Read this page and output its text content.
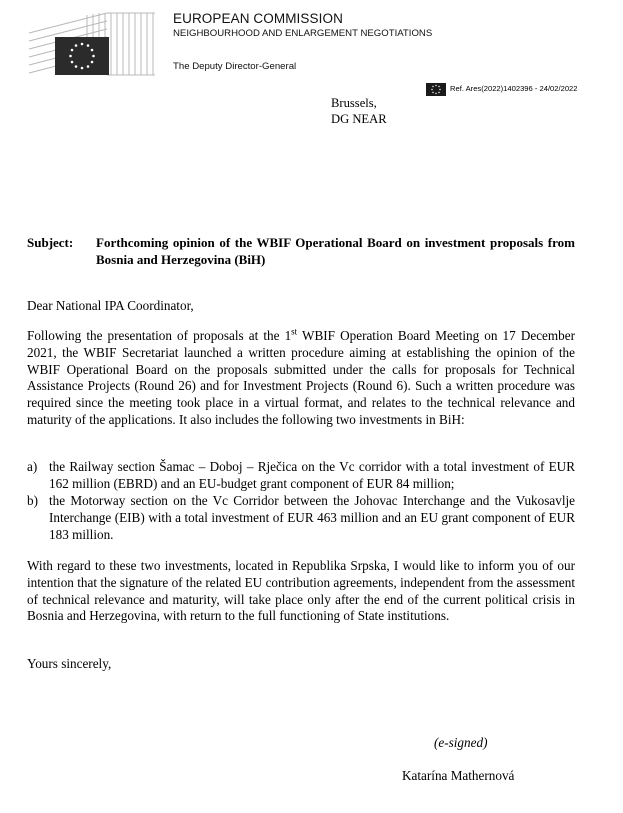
EUROPEAN COMMISSION
NEIGHBOURHOOD AND ENLARGEMENT NEGOTIATIONS
The Deputy Director-General
Ref. Ares(2022)1402396 - 24/02/2022
Brussels,
DG NEAR
Subject: Forthcoming opinion of the WBIF Operational Board on investment proposals from Bosnia and Herzegovina (BiH)
Dear National IPA Coordinator,
Following the presentation of proposals at the 1st WBIF Operation Board Meeting on 17 December 2021, the WBIF Secretariat launched a written procedure aiming at establishing the opinion of the WBIF Operational Board on the proposals submitted under the calls for proposals for Technical Assistance Projects (Round 26) and for Investment Projects (Round 6). Such a written procedure was required since the meeting took place in a virtual format, and relates to the technical relevance and maturity of the applications. It also includes the following two investments in BiH:
a) the Railway section Šamac – Doboj – Rječica on the Vc corridor with a total investment of EUR 162 million (EBRD) and an EU-budget grant component of EUR 84 million;
b) the Motorway section on the Vc Corridor between the Johovac Interchange and the Vukosavlje Interchange (EIB) with a total investment of EUR 463 million and an EU grant component of EUR 183 million.
With regard to these two investments, located in Republika Srpska, I would like to inform you of our intention that the signature of the related EU contribution agreements, independent from the assessment of technical relevance and maturity, will take place only after the end of the current political crisis in Bosnia and Herzegovina, with return to the full functioning of State institutions.
Yours sincerely,
(e-signed)
Katarína Mathernová
